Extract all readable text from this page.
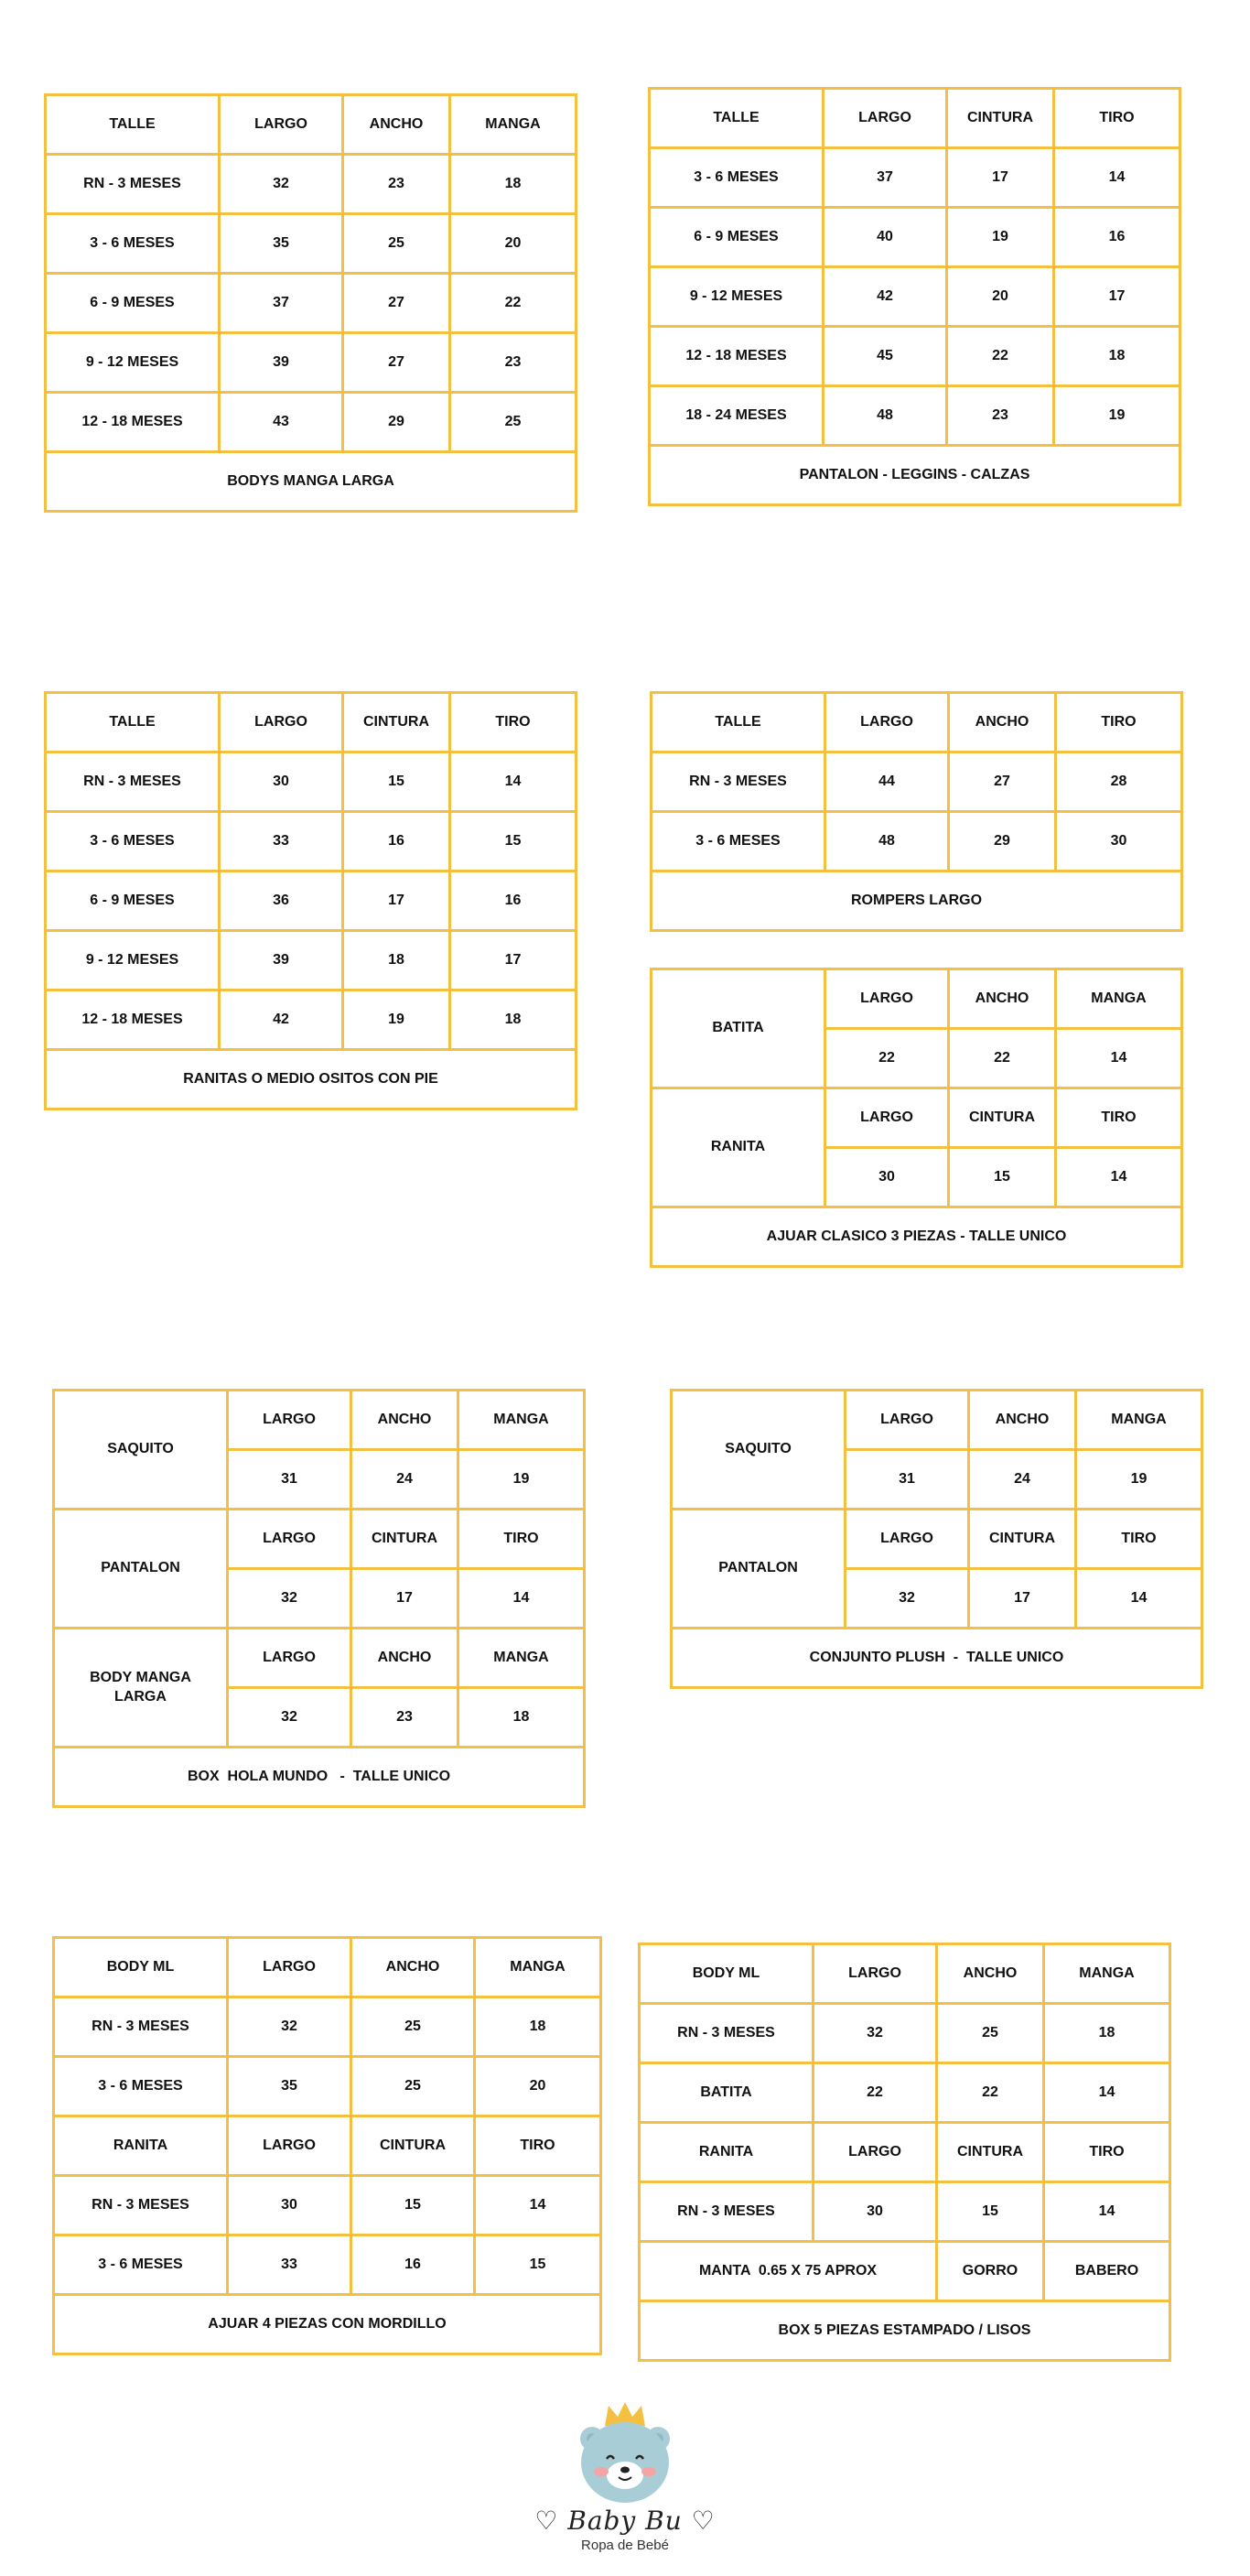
TALLE	LARGO	ANCHO	MANGA
RN - 3 MESES	32	23	18
3 - 6 MESES	35	25	20
6 - 9 MESES	37	27	22
9 - 12 MESES	39	27	23
12 - 18 MESES	43	29	25
BODYS MANGA LARGA			
TALLE	LARGO	CINTURA	TIRO
3 - 6 MESES	37	17	14
6 - 9 MESES	40	19	16
9 - 12 MESES	42	20	17
12 - 18 MESES	45	22	18
18 - 24 MESES	48	23	19
PANTALON - LEGGINS - CALZAS			
TALLE	LARGO	CINTURA	TIRO
RN - 3 MESES	30	15	14
3 - 6 MESES	33	16	15
6 - 9 MESES	36	17	16
9 - 12 MESES	39	18	17
12 - 18 MESES	42	19	18
RANITAS O MEDIO OSITOS CON PIE			
TALLE	LARGO	ANCHO	TIRO
RN - 3 MESES	44	27	28
3 - 6 MESES	48	29	30
ROMPERS LARGO			
BATITA	LARGO	ANCHO	MANGA
	22	22	14
RANITA	LARGO	CINTURA	TIRO
	30	15	14
AJUAR CLASICO 3 PIEZAS - TALLE UNICO			
SAQUITO	LARGO	ANCHO	MANGA
	31	24	19
PANTALON	LARGO	CINTURA	TIRO
	32	17	14
BODY MANGA LARGA	LARGO	ANCHO	MANGA
	32	23	18
BOX  HOLA MUNDO   -  TALLE UNICO			
SAQUITO	LARGO	ANCHO	MANGA
	31	24	19
PANTALON	LARGO	CINTURA	TIRO
	32	17	14
CONJUNTO PLUSH  -  TALLE UNICO			
BODY ML	LARGO	ANCHO	MANGA
RN - 3 MESES	32	25	18
3 - 6 MESES	35	25	20
RANITA	LARGO	CINTURA	TIRO
RN - 3 MESES	30	15	14
3 - 6 MESES	33	16	15
AJUAR 4 PIEZAS CON MORDILLO			
BODY ML	LARGO	ANCHO	MANGA
RN - 3 MESES	32	25	18
BATITA	22	22	14
RANITA	LARGO	CINTURA	TIRO
RN - 3 MESES	30	15	14
MANTA  0.65 X 75 APROX		GORRO	BABERO
BOX 5 PIEZAS ESTAMPADO / LISOS			
♡ Baby Bu ♡
Ropa de Bebé
